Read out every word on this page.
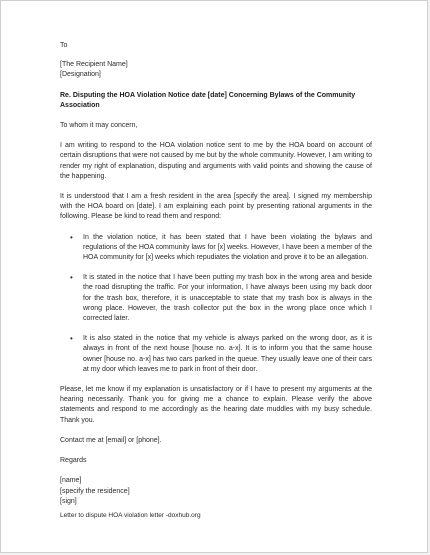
To

[The Recipient Name]

[Designation]

Re. Disputing the HOA Violation Notice date [date] Concerning Bylaws of the Community Association

To whom it may concern,

I am writing to respond to the HOA violation notice sent to me by the HOA board on account of certain disruptions that were not caused by me but by the whole community. However, I am writing to render my right of explanation, disputing and arguments with valid points and showing the cause of the happening.

It is understood that I am a fresh resident in the area [specify the area]. I signed my membership with the HOA board on [date]. I am explaining each point by presenting rational arguments in the following. Please be kind to read them and respond:

• In the violation notice, it has been stated that I have been violating the bylaws and regulations of the HOA community laws for [x] weeks. However, I have been a member of the HOA community for [x] weeks which repudiates the violation and prove it to be an allegation.
• It is stated in the notice that I have been putting my trash box in the wrong area and beside the road disrupting the traffic. For your information, I have always been using my back door for the trash box, therefore, it is unacceptable to state that my trash box is always in the wrong place. However, the trash collector put the box in the wrong place once which I corrected later.
• It is also stated in the notice that my vehicle is always parked on the wrong door, as it is always in front of the next house [house no. a-x]. It is to inform you that the same house owner [house no. a-x] has two cars parked in the queue. They usually leave one of their cars at my door which leaves me to park in front of their door.

Please, let me know if my explanation is unsatisfactory or if I have to present my arguments at the hearing necessarily. Thank you for giving me a chance to explain. Please verify the above statements and respond to me accordingly as the hearing date muddles with my busy schedule. Thank you.

Contact me at [email] or [phone].

Regards

[name]

[specify the residence]

[sign]

Letter to dispute HOA violation letter -doxhub.org
